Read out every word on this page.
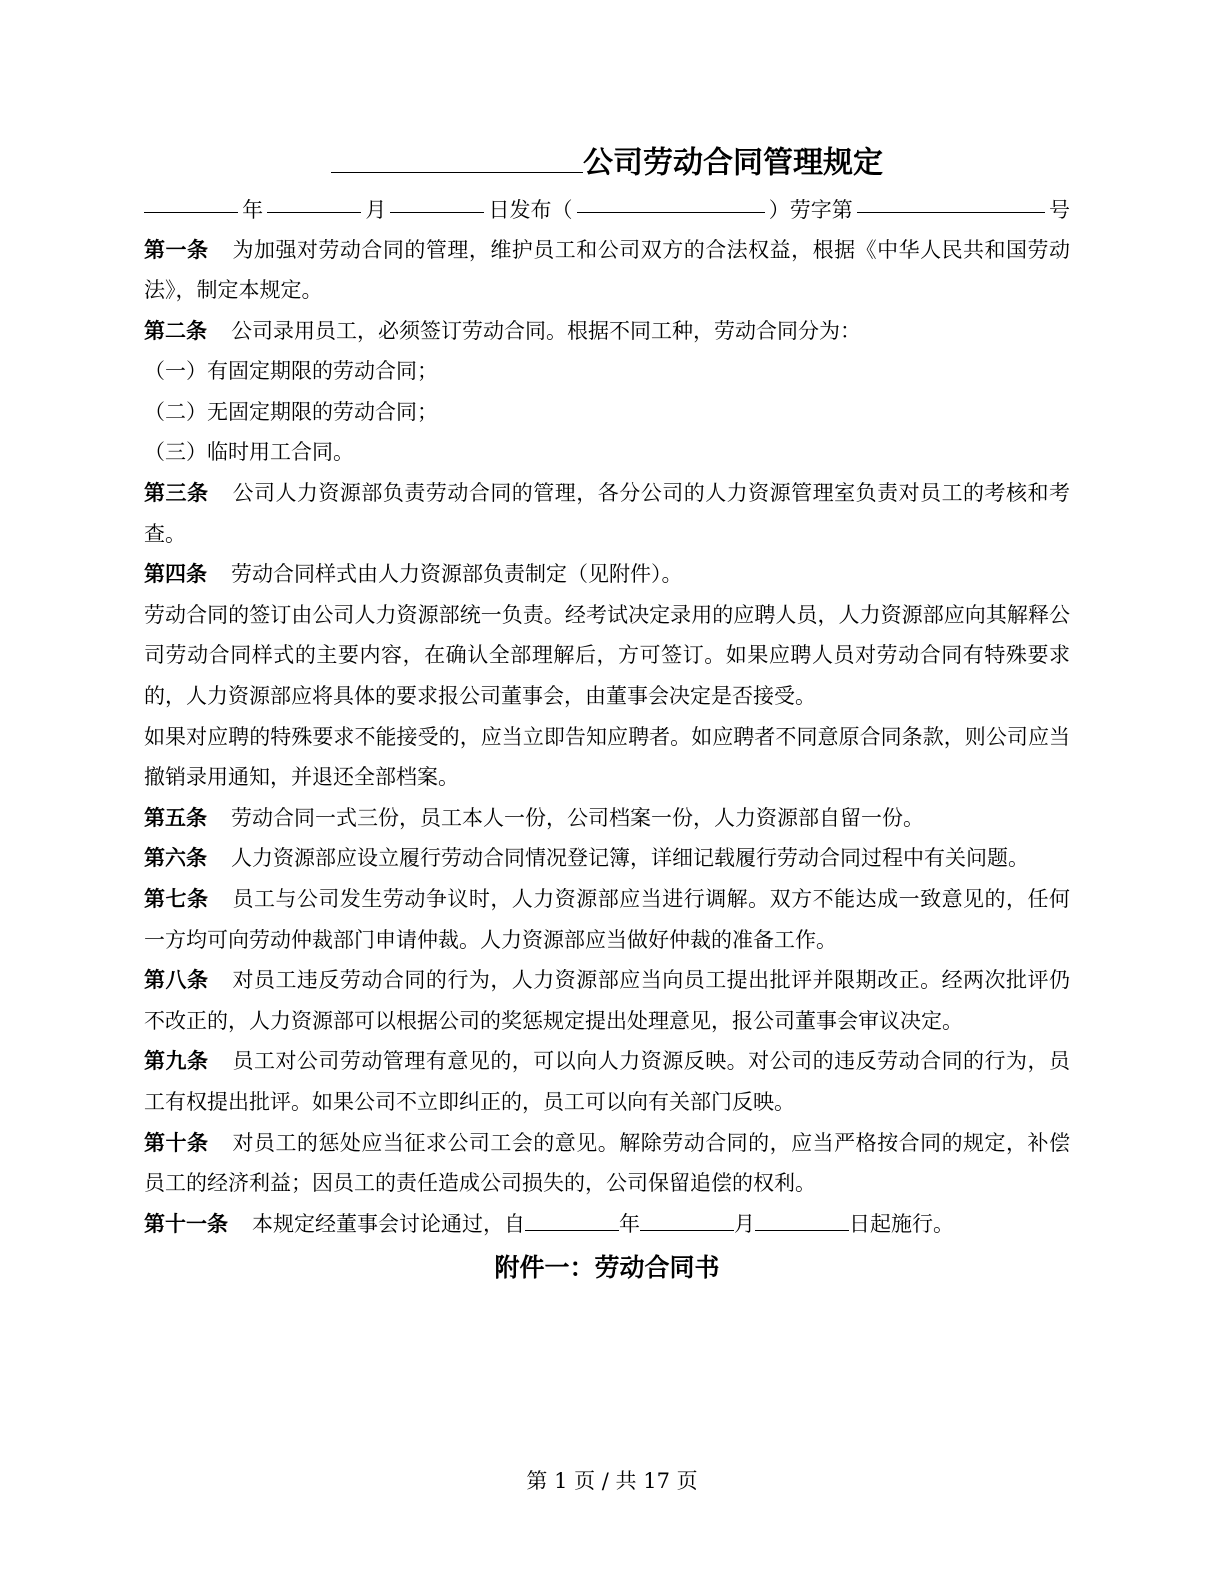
公司劳动合同管理规定
年	月	日发布（	）劳字第	号

第一条 为加强对劳动合同的管理，维护员工和公司双方的合法权益，根据《中华人民共和国劳动法》，制定本规定。

第二条 公司录用员工，必须签订劳动合同。根据不同工种，劳动合同分为：

（一）有固定期限的劳动合同；

（二）无固定期限的劳动合同；

（三）临时用工合同。

第三条 公司人力资源部负责劳动合同的管理，各分公司的人力资源管理室负责对员工的考核和考查。

第四条 劳动合同样式由人力资源部负责制定（见附件）。

劳动合同的签订由公司人力资源部统一负责。经考试决定录用的应聘人员，人力资源部应向其解释公司劳动合同样式的主要内容，在确认全部理解后，方可签订。如果应聘人员对劳动合同有特殊要求的，人力资源部应将具体的要求报公司董事会，由董事会决定是否接受。

如果对应聘的特殊要求不能接受的，应当立即告知应聘者。如应聘者不同意原合同条款，则公司应当撤销录用通知，并退还全部档案。

第五条 劳动合同一式三份，员工本人一份，公司档案一份，人力资源部自留一份。

第六条 人力资源部应设立履行劳动合同情况登记簿，详细记载履行劳动合同过程中有关问题。

第七条 员工与公司发生劳动争议时，人力资源部应当进行调解。双方不能达成一致意见的，任何一方均可向劳动仲裁部门申请仲裁。人力资源部应当做好仲裁的准备工作。

第八条 对员工违反劳动合同的行为，人力资源部应当向员工提出批评并限期改正。经两次批评仍不改正的，人力资源部可以根据公司的奖惩规定提出处理意见，报公司董事会审议决定。

第九条 员工对公司劳动管理有意见的，可以向人力资源反映。对公司的违反劳动合同的行为，员工有权提出批评。如果公司不立即纠正的，员工可以向有关部门反映。

第十条 对员工的惩处应当征求公司工会的意见。解除劳动合同的，应当严格按合同的规定，补偿员工的经济利益；因员工的责任造成公司损失的，公司保留追偿的权利。

第十一条 本规定经董事会讨论通过，自	年	月	日起施行。

附件一：劳动合同书
第 1 页 / 共 17 页
